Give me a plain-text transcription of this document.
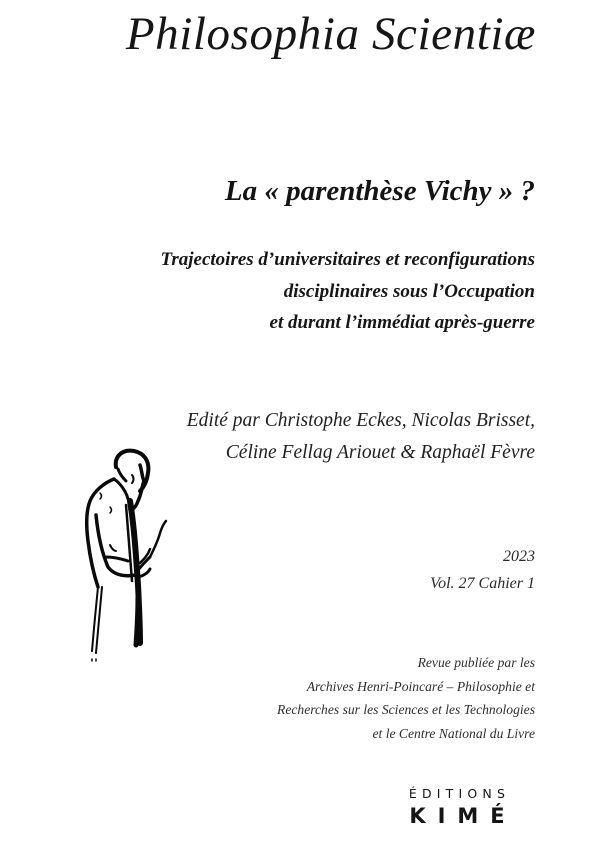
Philosophia Scientiæ
La « parenthèse Vichy » ?
Trajectoires d’universitaires et reconfigurations
disciplinaires sous l’Occupation
et durant l’immédiat après-guerre
Edité par Christophe Eckes, Nicolas Brisset,
Céline Fellag Ariouet & Raphaël Fèvre
2023
Vol. 27 Cahier 1
Revue publiée par les
Archives Henri-Poincaré – Philosophie et
Recherches sur les Sciences et les Technologies
et le Centre National du Livre
ÉDITIONS
KIMÉ
